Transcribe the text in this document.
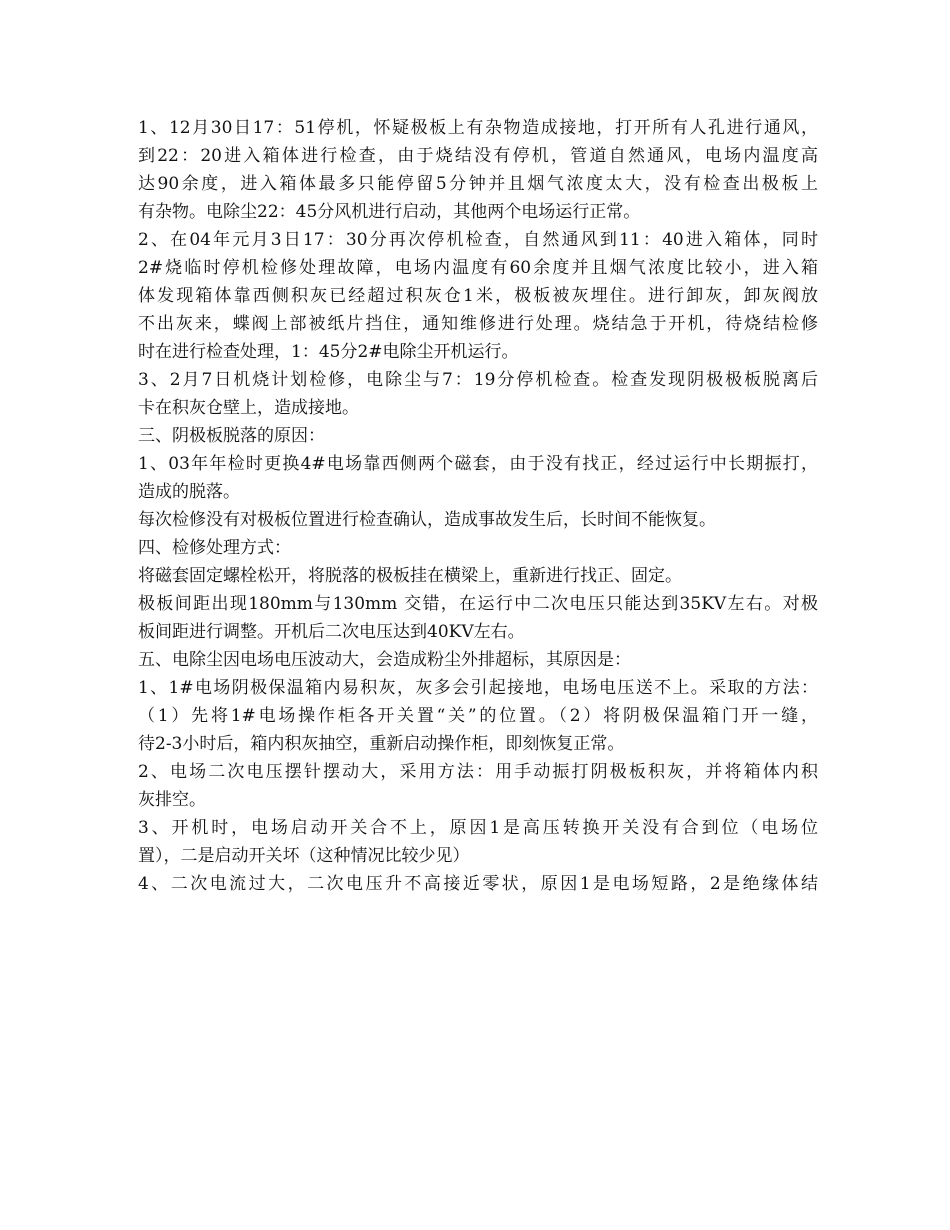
1、12月30日17：51停机，怀疑极板上有杂物造成接地，打开所有人孔进行通风，
到22：20进入箱体进行检查，由于烧结没有停机，管道自然通风，电场内温度高
达90余度，进入箱体最多只能停留5分钟并且烟气浓度太大，没有检查出极板上
有杂物。电除尘22：45分风机进行启动，其他两个电场运行正常。
2、在04年元月3日17：30分再次停机检查，自然通风到11：40进入箱体，同时
2#烧临时停机检修处理故障，电场内温度有60余度并且烟气浓度比较小，进入箱
体发现箱体靠西侧积灰已经超过积灰仓1米，极板被灰埋住。进行卸灰，卸灰阀放
不出灰来，蝶阀上部被纸片挡住，通知维修进行处理。烧结急于开机，待烧结检修
时在进行检查处理，1：45分2#电除尘开机运行。
3、2月7日机烧计划检修，电除尘与7：19分停机检查。检查发现阴极极板脱离后
卡在积灰仓壁上，造成接地。
三、阴极板脱落的原因：
1、03年年检时更换4#电场靠西侧两个磁套，由于没有找正，经过运行中长期振打，
造成的脱落。
每次检修没有对极板位置进行检查确认，造成事故发生后，长时间不能恢复。
四、检修处理方式：
将磁套固定螺栓松开，将脱落的极板挂在横梁上，重新进行找正、固定。
极板间距出现180mm与130mm 交错，在运行中二次电压只能达到35KV左右。对极
板间距进行调整。开机后二次电压达到40KV左右。
五、电除尘因电场电压波动大，会造成粉尘外排超标，其原因是：
1、1#电场阴极保温箱内易积灰，灰多会引起接地，电场电压送不上。采取的方法：
（1）先将1#电场操作柜各开关置“关”的位置。（2）将阴极保温箱门开一缝，
待2-3小时后，箱内积灰抽空，重新启动操作柜，即刻恢复正常。
2、电场二次电压摆针摆动大，采用方法：用手动振打阴极板积灰，并将箱体内积
灰排空。
3、开机时，电场启动开关合不上，原因1是高压转换开关没有合到位（电场位
置），二是启动开关坏（这种情况比较少见）
4、二次电流过大，二次电压升不高接近零状，原因1是电场短路，2是绝缘体结
